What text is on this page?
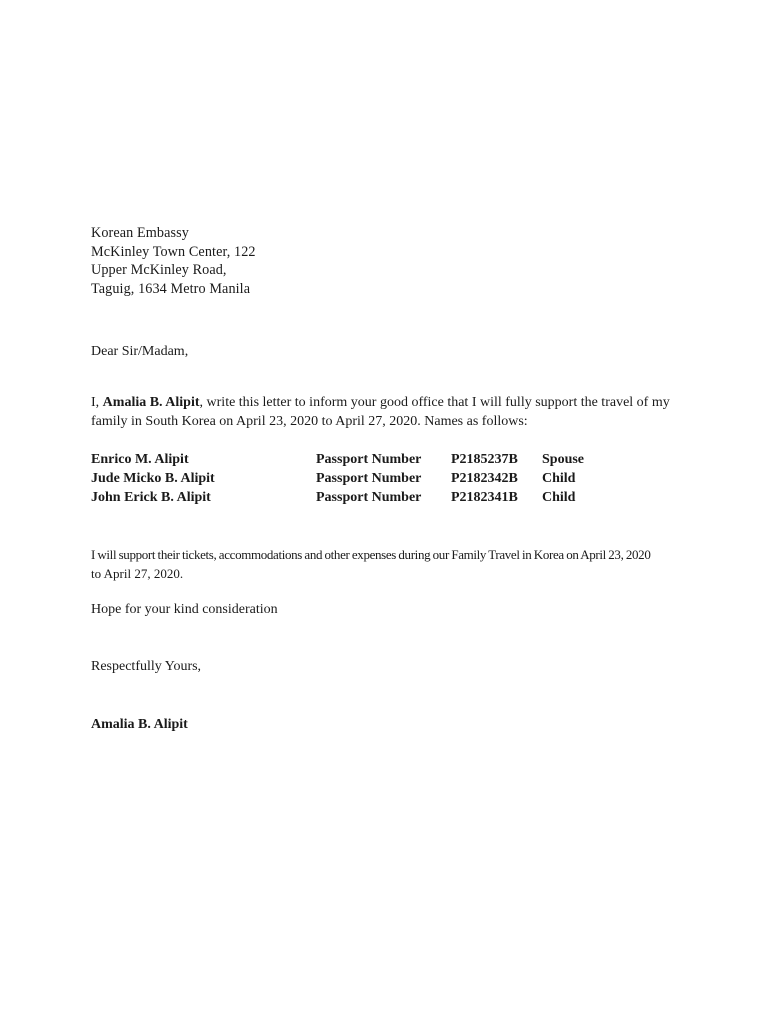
Korean Embassy
McKinley Town Center, 122
Upper McKinley Road,
Taguig, 1634 Metro Manila
Dear Sir/Madam,
I, Amalia B. Alipit, write this letter to inform your good office that I will fully support the travel of my
family in South Korea on April 23, 2020 to April 27, 2020. Names as follows:
Enrico M. Alipit	Passport Number P2185237B Spouse
Jude Micko B. Alipit	Passport Number P2182342B Child
John Erick B. Alipit	Passport Number P2182341B Child
I will support their tickets, accommodations and other expenses during our Family Travel in Korea on April 23, 2020
to April 27, 2020.
Hope for your kind consideration
Respectfully Yours,
Amalia B. Alipit
